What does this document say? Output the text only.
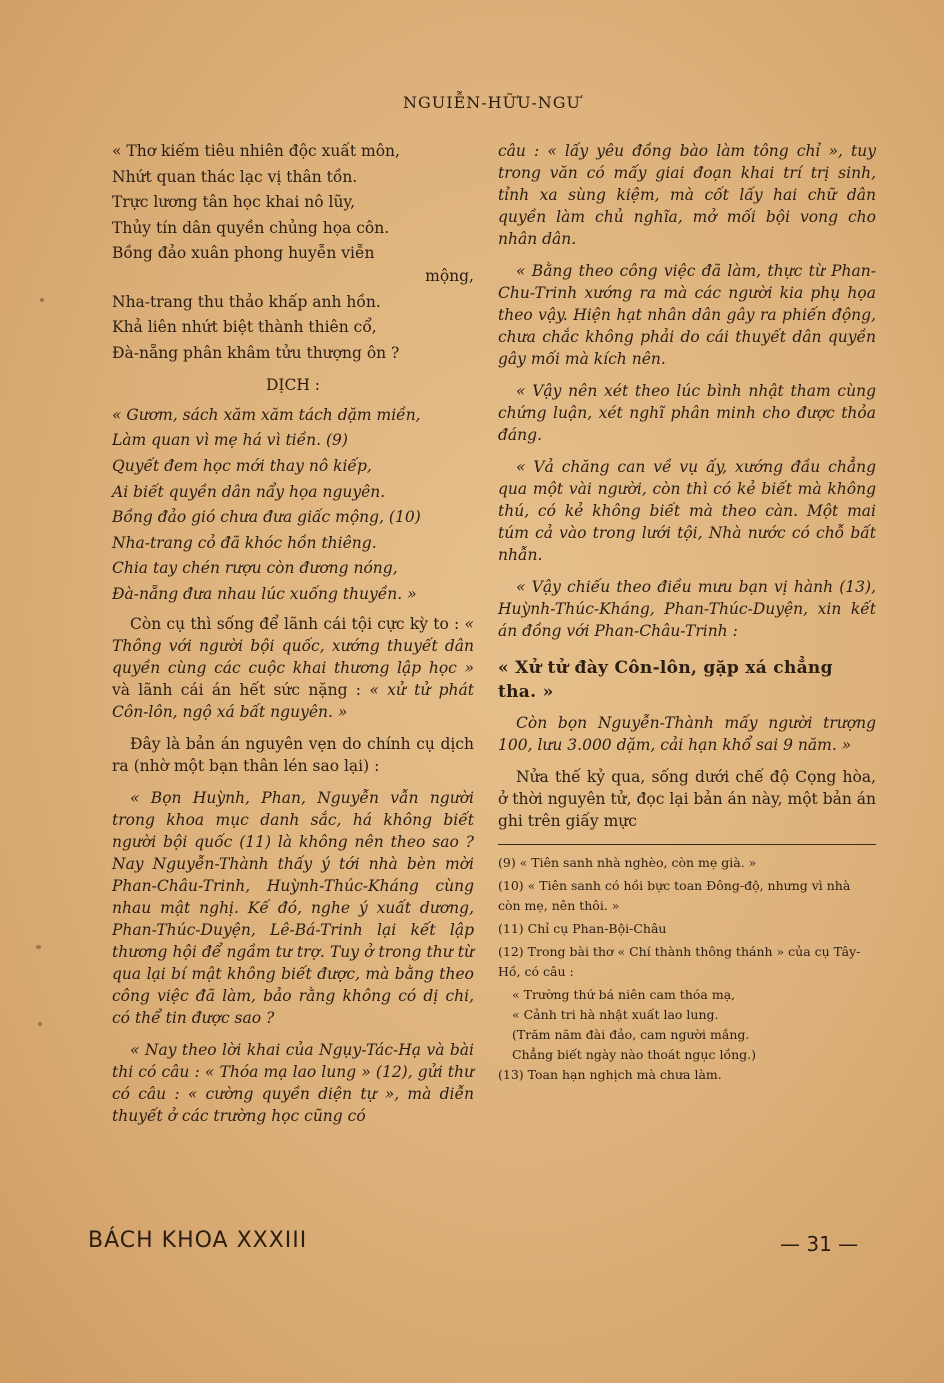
NGUIỄN-HỮU-NGƯ
« Thơ kiếm tiêu nhiên độc xuất môn,
Nhứt quan thác lạc vị thân tồn.
Trực lương tân học khai nô lũy,
Thủy tín dân quyền chủng họa côn.
Bồng đảo xuân phong huyễn viễn
mộng,
Nha-trang thu thảo khấp anh hồn.
Khả liên nhứt biệt thành thiên cổ,
Đà-nẵng phân khâm tửu thượng ôn ?
DỊCH :
« Gươm, sách xăm xăm tách dặm miền,
Làm quan vì mẹ há vì tiền. (9)
Quyết đem học mới thay nô kiếp,
Ai biết quyền dân nẩy họa nguyên.
Bồng đảo gió chưa đưa giấc mộng, (10)
Nha-trang cỏ đã khóc hồn thiêng.
Chia tay chén rượu còn đương nóng,
Đà-nẵng đưa nhau lúc xuống thuyền. »

Còn cụ thì sống để lãnh cái tội cực kỳ to : « Thông với người bội quốc, xướng thuyết dân quyền cùng các cuộc khai thương lập học » và lãnh cái án hết sức nặng : « xử tử phát Côn-lôn, ngộ xá bất nguyên. »

Đây là bản án nguyên vẹn do chính cụ dịch ra (nhờ một bạn thân lén sao lại) :

« Bọn Huỳnh, Phan, Nguyễn vẫn người trong khoa mục danh sắc, há không biết người bội quốc (11) là không nên theo sao ? Nay Nguyễn-Thành thấy ý tới nhà bèn mời Phan-Châu-Trinh, Huỳnh-Thúc-Kháng cùng nhau mật nghị. Kế đó, nghe ý xuất dương, Phan-Thúc-Duyện, Lê-Bá-Trinh lại kết lập thương hội để ngầm tư trợ. Tuy ở trong thư từ qua lại bí mật không biết được, mà bằng theo công việc đã làm, bảo rằng không có dị chi, có thể tin được sao ?

« Nay theo lời khai của Ngụy-Tác-Hạ và bài thi có câu : « Thóa mạ lao lung » (12), gửi thư có câu : « cường quyền diện tự », mà diễn thuyết ở các trường học cũng có

câu : « lấy yêu đồng bào làm tông chỉ », tuy trong văn có mấy giai đoạn khai trí trị sinh, tỉnh xa sùng kiệm, mà cốt lấy hai chữ dân quyền làm chủ nghĩa, mở mối bội vong cho nhân dân.

« Bằng theo công việc đã làm, thực từ Phan-Chu-Trinh xướng ra mà các người kia phụ họa theo vậy. Hiện hạt nhân dân gây ra phiến động, chưa chắc không phải do cái thuyết dân quyền gây mối mà kích nên.

« Vậy nên xét theo lúc bình nhật tham cùng chứng luận, xét nghĩ phân minh cho được thỏa đáng.

« Vả chăng can về vụ ấy, xướng đầu chẳng qua một vài người, còn thì có kẻ biết mà không thú, có kẻ không biết mà theo càn. Một mai túm cả vào trong lưới tội, Nhà nước có chỗ bất nhẫn.

« Vậy chiếu theo điều mưu bạn vị hành (13), Huỳnh-Thúc-Kháng, Phan-Thúc-Duyện, xin kết án đồng với Phan-Châu-Trinh :

« Xử tử đày Côn-lôn, gặp xá chẳng tha. »

Còn bọn Nguyễn-Thành mấy người trượng 100, lưu 3.000 dặm, cải hạn khổ sai 9 năm. »

Nửa thế kỷ qua, sống dưới chế độ Cọng hòa, ở thời nguyên tử, đọc lại bản án này, một bản án ghi trên giấy mực

(9) « Tiên sanh nhà nghèo, còn mẹ già. »
(10) « Tiên sanh có hồi bực toan Đông-độ, nhưng vì nhà còn mẹ, nên thôi. »
(11) Chỉ cụ Phan-Bội-Châu
(12) Trong bài thơ « Chí thành thông thánh » của cụ Tây-Hồ, có câu :
« Trường thứ bá niên cam thóa mạ,
« Cảnh tri hà nhật xuất lao lung.
(Trăm năm đài đảo, cam người mắng.
Chẳng biết ngày nào thoát ngục lồng.)
(13) Toan hạn nghịch mà chưa làm.
BÁCH KHOA XXXIII	— 31 —
